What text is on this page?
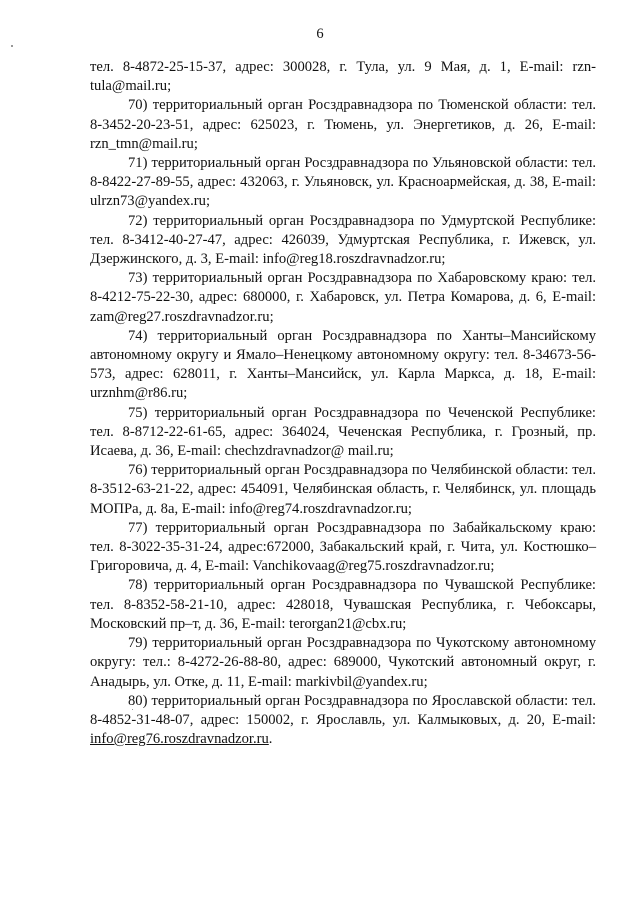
6

тел. 8-4872-25-15-37, адрес: 300028, г. Тула, ул. 9 Мая, д. 1, E-mail: rzn-tula@mail.ru;

70) территориальный орган Росздравнадзора по Тюменской области: тел. 8-3452-20-23-51, адрес: 625023, г. Тюмень, ул. Энергетиков, д. 26, E-mail: rzn_tmn@mail.ru;

71) территориальный орган Росздравнадзора по Ульяновской области: тел. 8-8422-27-89-55, адрес: 432063, г. Ульяновск, ул. Красноармейская, д. 38, E-mail: ulrzn73@yandex.ru;

72) территориальный орган Росздравнадзора по Удмуртской Республике: тел. 8-3412-40-27-47, адрес: 426039, Удмуртская Республика, г. Ижевск, ул. Дзержинского, д. 3, E-mail: info@reg18.roszdravnadzor.ru;

73) территориальный орган Росздравнадзора по Хабаровскому краю: тел. 8-4212-75-22-30, адрес: 680000, г. Хабаровск, ул. Петра Комарова, д. 6, E-mail: zam@reg27.roszdravnadzor.ru;

74) территориальный орган Росздравнадзора по Ханты–Мансийскому автономному округу и Ямало–Ненецкому автономному округу: тел. 8-34673-56-573, адрес: 628011, г. Ханты–Мансийск, ул. Карла Маркса, д. 18, E-mail: urznhm@r86.ru;

75) территориальный орган Росздравнадзора по Чеченской Республике: тел. 8-8712-22-61-65, адрес: 364024, Чеченская Республика, г. Грозный, пр. Исаева, д. 36, E-mail: chechzdravnadzor@ mail.ru;

76) территориальный орган Росздравнадзора по Челябинской области: тел. 8-3512-63-21-22, адрес: 454091, Челябинская область, г. Челябинск, ул. площадь МОПРа, д. 8а, E-mail: info@reg74.roszdravnadzor.ru;

77) территориальный орган Росздравнадзора по Забайкальскому краю: тел. 8-3022-35-31-24, адрес:672000, Забакальский край, г. Чита, ул. Костюшко–Григоровича, д. 4, E-mail: Vanchikovaag@reg75.roszdravnadzor.ru;

78) территориальный орган Росздравнадзора по Чувашской Республике: тел. 8-8352-58-21-10, адрес: 428018, Чувашская Республика, г. Чебоксары, Московский пр–т, д. 36, E-mail: terorgan21@cbx.ru;

79) территориальный орган Росздравнадзора по Чукотскому автономному округу: тел.: 8-4272-26-88-80, адрес: 689000, Чукотский автономный округ, г. Анадырь, ул. Отке, д. 11, E-mail: markivbil@yandex.ru;

80) территориальный орган Росздравнадзора по Ярославской области: тел. 8-4852-31-48-07, адрес: 150002, г. Ярославль, ул. Калмыковых, д. 20, E-mail: info@reg76.roszdravnadzor.ru.
